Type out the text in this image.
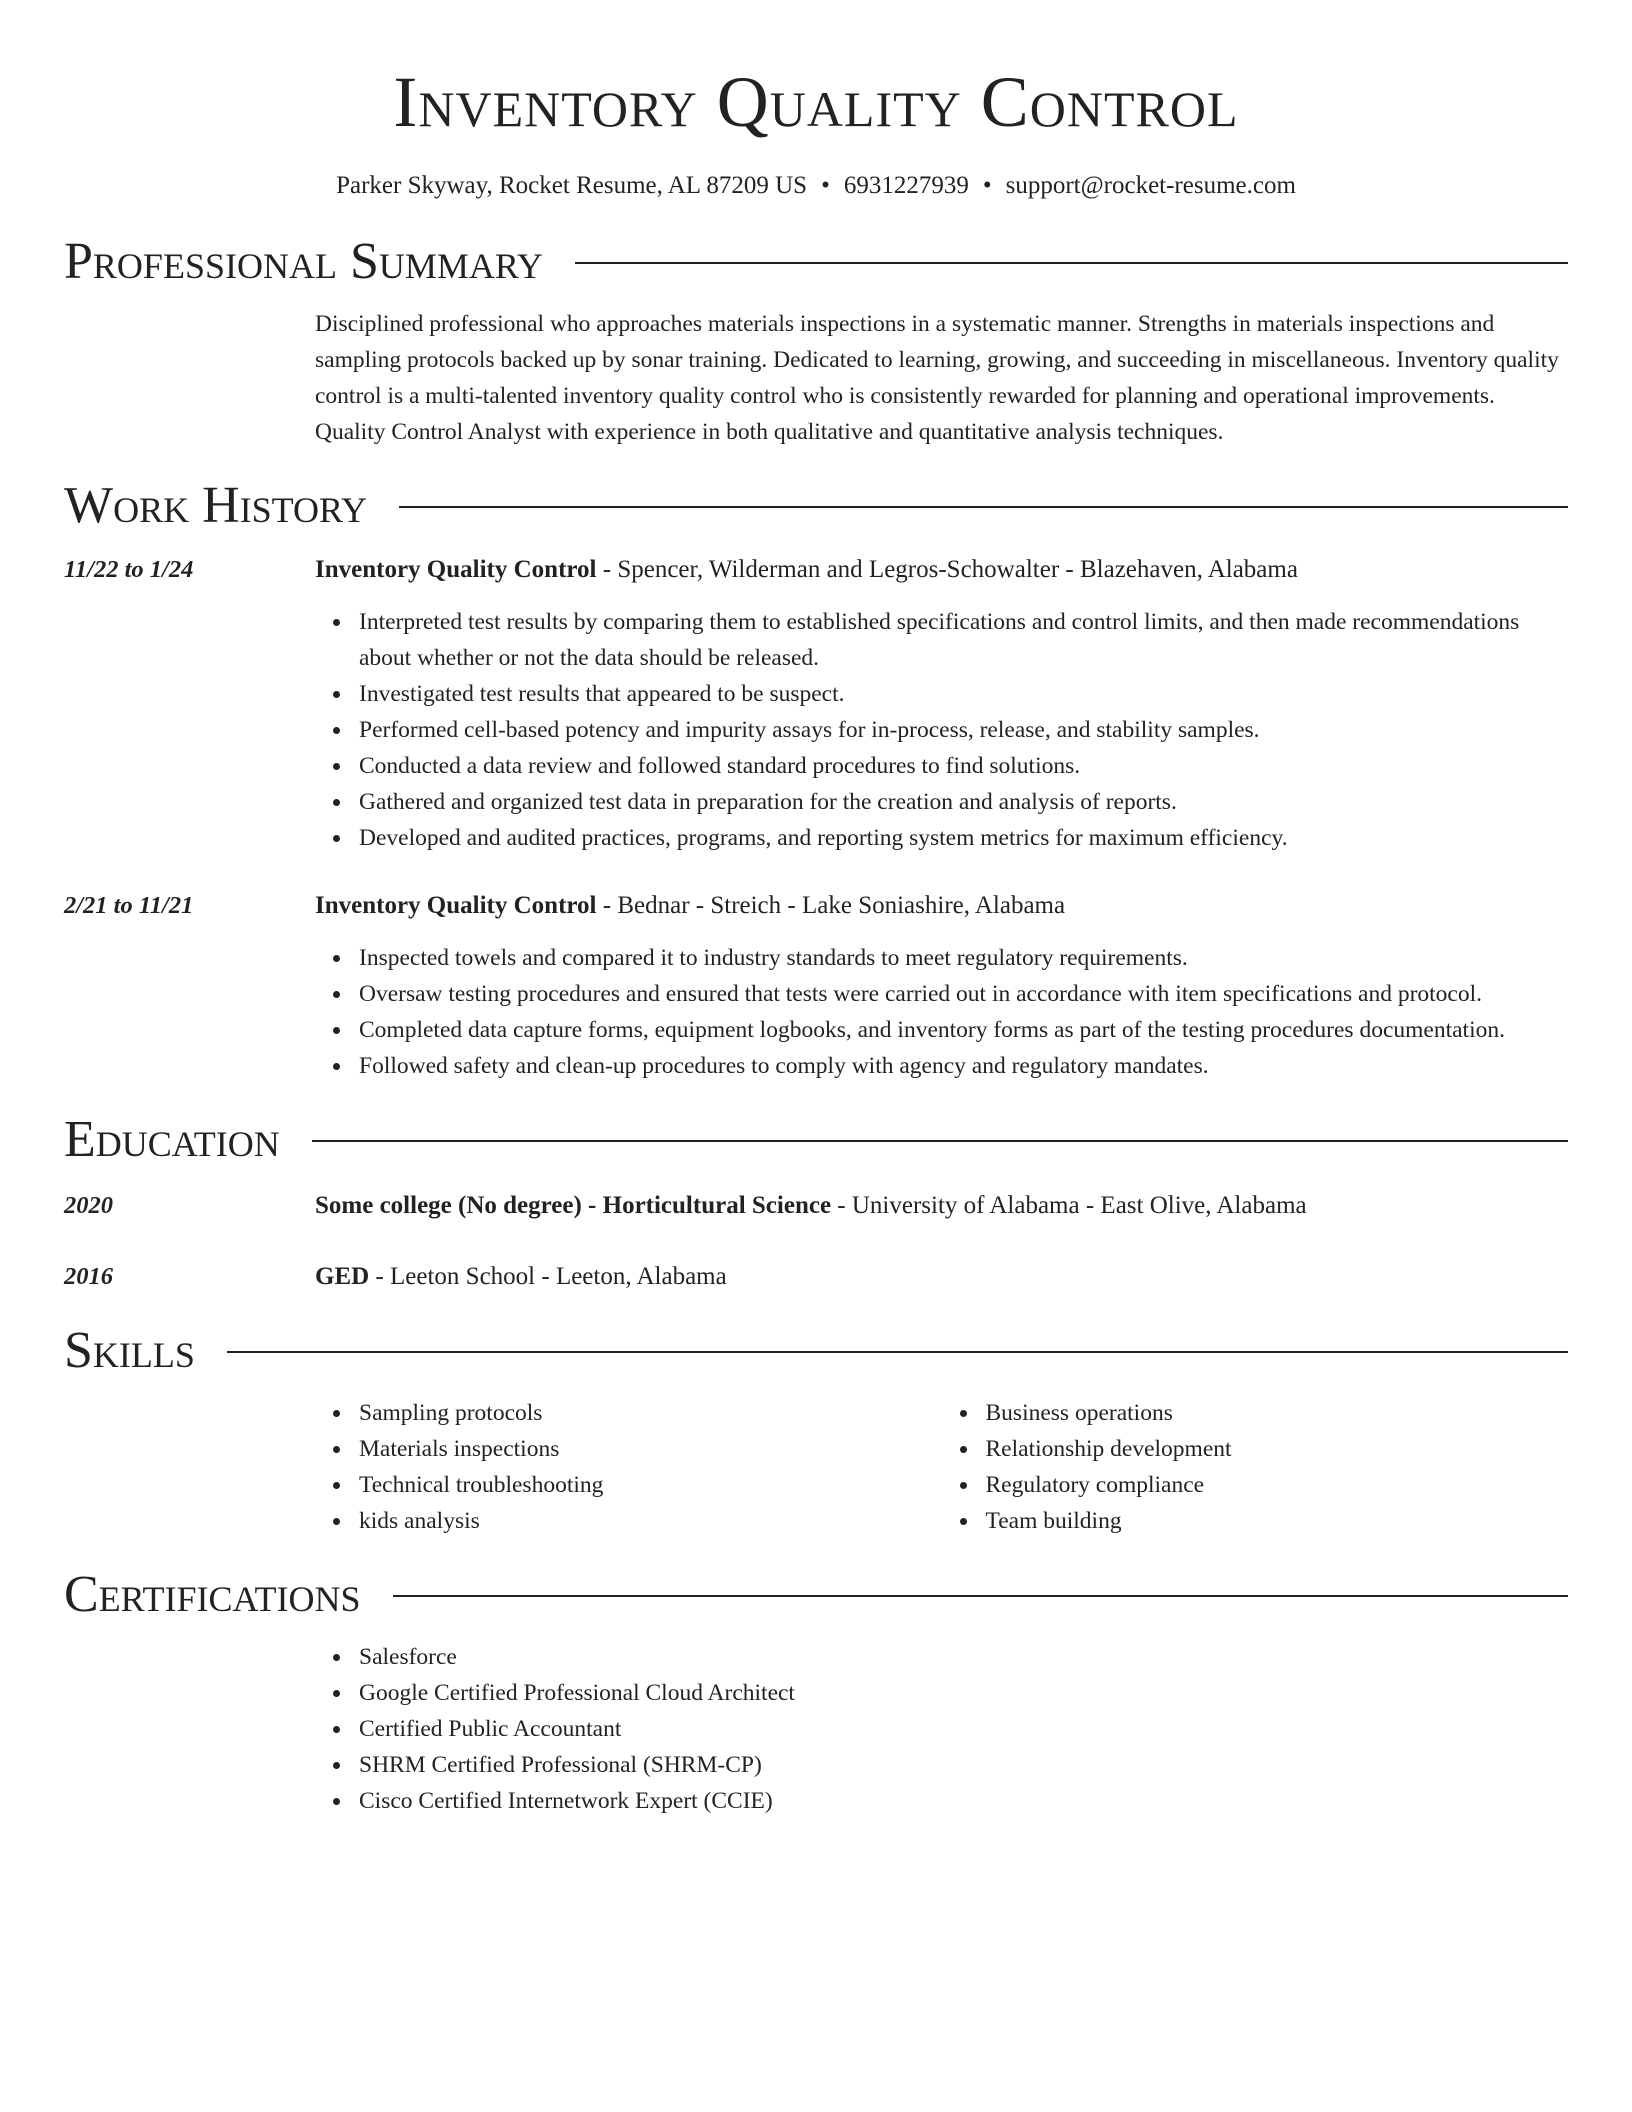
Inventory Quality Control
Parker Skyway, Rocket Resume, AL 87209 US • 6931227939 • support@rocket-resume.com
Professional Summary
Disciplined professional who approaches materials inspections in a systematic manner. Strengths in materials inspections and sampling protocols backed up by sonar training. Dedicated to learning, growing, and succeeding in miscellaneous. Inventory quality control is a multi-talented inventory quality control who is consistently rewarded for planning and operational improvements. Quality Control Analyst with experience in both qualitative and quantitative analysis techniques.
Work History
11/22 to 1/24	Inventory Quality Control - Spencer, Wilderman and Legros-Schowalter - Blazehaven, Alabama
Interpreted test results by comparing them to established specifications and control limits, and then made recommendations about whether or not the data should be released.
Investigated test results that appeared to be suspect.
Performed cell-based potency and impurity assays for in-process, release, and stability samples.
Conducted a data review and followed standard procedures to find solutions.
Gathered and organized test data in preparation for the creation and analysis of reports.
Developed and audited practices, programs, and reporting system metrics for maximum efficiency.
2/21 to 11/21	Inventory Quality Control - Bednar - Streich - Lake Soniashire, Alabama
Inspected towels and compared it to industry standards to meet regulatory requirements.
Oversaw testing procedures and ensured that tests were carried out in accordance with item specifications and protocol.
Completed data capture forms, equipment logbooks, and inventory forms as part of the testing procedures documentation.
Followed safety and clean-up procedures to comply with agency and regulatory mandates.
Education
2020	Some college (No degree) - Horticultural Science - University of Alabama - East Olive, Alabama
2016	GED - Leeton School - Leeton, Alabama
Skills
Sampling protocols
Materials inspections
Technical troubleshooting
kids analysis
Business operations
Relationship development
Regulatory compliance
Team building
Certifications
Salesforce
Google Certified Professional Cloud Architect
Certified Public Accountant
SHRM Certified Professional (SHRM-CP)
Cisco Certified Internetwork Expert (CCIE)
